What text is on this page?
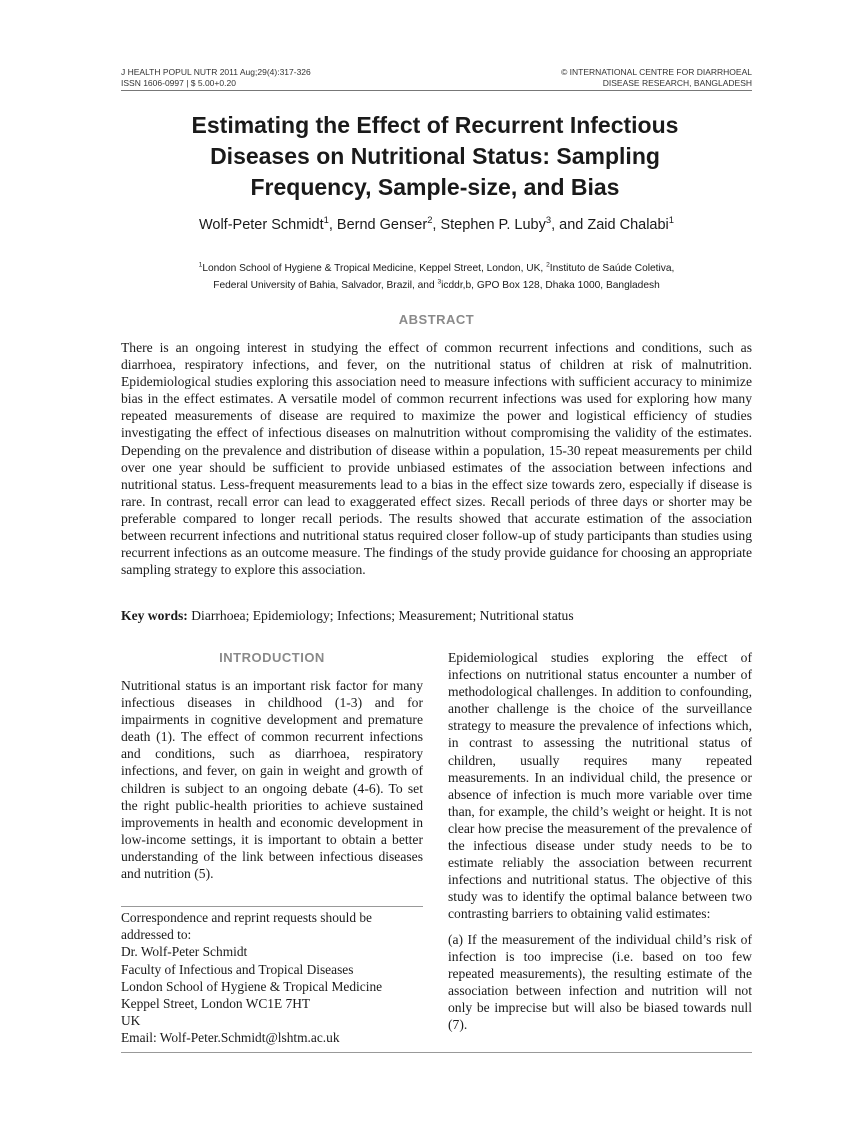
J HEALTH POPUL NUTR 2011 Aug;29(4):317-326
ISSN 1606-0997 | $ 5.00+0.20
© INTERNATIONAL CENTRE FOR DIARRHOEAL
DISEASE RESEARCH, BANGLADESH
Estimating the Effect of Recurrent Infectious
Diseases on Nutritional Status: Sampling
Frequency, Sample-size, and Bias
Wolf-Peter Schmidt$^1$, Bernd Genser$^2$, Stephen P. Luby$^3$, and Zaid Chalabi$^1$
$^1$London School of Hygiene & Tropical Medicine, Keppel Street, London, UK, $^2$Instituto de Saúde Coletiva,
Federal University of Bahia, Salvador, Brazil, and $^3$icddr,b, GPO Box 128, Dhaka 1000, Bangladesh
ABSTRACT

There is an ongoing interest in studying the effect of common recurrent infections and conditions, such as diarrhoea, respiratory infections, and fever, on the nutritional status of children at risk of malnutrition. Epidemiological studies exploring this association need to measure infections with sufficient accuracy to minimize bias in the effect estimates. A versatile model of common recurrent infections was used for exploring how many repeated measurements of disease are required to maximize the power and logistical efficiency of studies investigating the effect of infectious diseases on malnutrition without compromising the validity of the estimates. Depending on the prevalence and distribution of disease within a population, 15-30 repeat measurements per child over one year should be sufficient to provide unbiased estimates of the association between infections and nutritional status. Less-frequent measurements lead to a bias in the effect size towards zero, especially if disease is rare. In contrast, recall error can lead to exaggerated effect sizes. Recall periods of three days or shorter may be preferable compared to longer recall periods. The results showed that accurate estimation of the association between recurrent infections and nutritional status required closer follow-up of study participants than studies using recurrent infections as an outcome measure. The findings of the study provide guidance for choosing an appropriate sampling strategy to explore this association.

Key words: Diarrhoea; Epidemiology; Infections; Measurement; Nutritional status

INTRODUCTION

Nutritional status is an important risk factor for many infectious diseases in childhood (1-3) and for impairments in cognitive development and premature death (1). The effect of common recurrent infections and conditions, such as diarrhoea, respiratory infections, and fever, on gain in weight and growth of children is subject to an ongoing debate (4-6). To set the right public-health priorities to achieve sustained improvements in health and economic development in low-income settings, it is important to obtain a better understanding of the link between infectious diseases and nutrition (5).

Correspondence and reprint requests should be
addressed to:
Dr. Wolf-Peter Schmidt
Faculty of Infectious and Tropical Diseases
London School of Hygiene & Tropical Medicine
Keppel Street, London WC1E 7HT
UK
Email: Wolf-Peter.Schmidt@lshtm.ac.uk

Epidemiological studies exploring the effect of infections on nutritional status encounter a number of methodological challenges. In addition to confounding, another challenge is the choice of the surveillance strategy to measure the prevalence of infections which, in contrast to assessing the nutritional status of children, usually requires many repeated measurements. In an individual child, the presence or absence of infection is much more variable over time than, for example, the child’s weight or height. It is not clear how precise the measurement of the prevalence of the infectious disease under study needs to be to estimate reliably the association between recurrent infections and nutritional status. The objective of this study was to identify the optimal balance between two contrasting barriers to obtaining valid estimates:

(a) If the measurement of the individual child’s risk of infection is too imprecise (i.e. based on too few repeated measurements), the resulting estimate of the association between infection and nutrition will not only be imprecise but will also be biased towards null (7).
